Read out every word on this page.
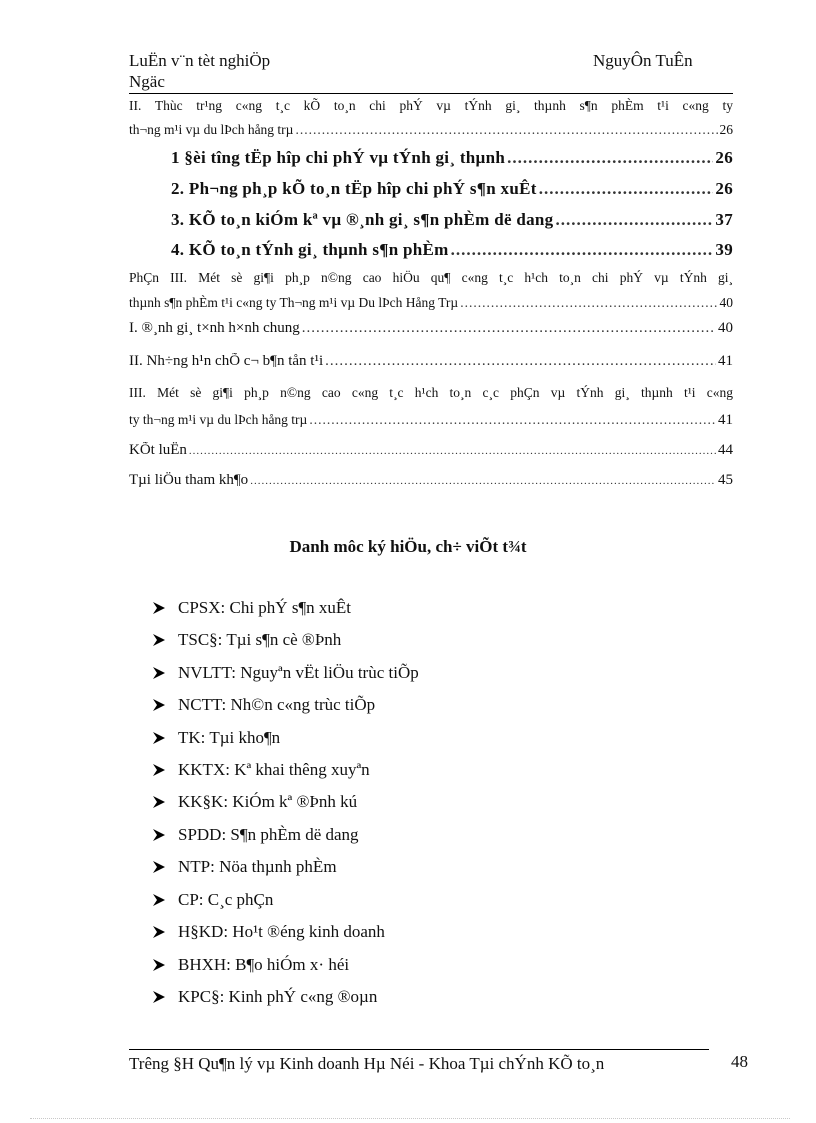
LuËn v¨n tèt nghiÖp
Ngäc
NguyÔn TuÊn
II. Thùc tr¹ng c«ng t¸c kÕ to¸n chi phÝ vµ tÝnh gi¸ thµnh s¶n phÈm t¹i c«ng ty
th¬ng m¹i vµ du lÞch hång trµ .....	26
1 §èi tîng tËp hîp chi phÝ vµ tÝnh gi¸ thµnh .....	26
2. Ph¬ng ph¸p kÕ to¸n tËp hîp chi phÝ s¶n xuÊt .....	26
3. KÕ to¸n kiÓm kª vµ ®¸nh gi¸ s¶n phÈm dë dang .....	37
4. KÕ to¸n tÝnh gi¸ thµnh s¶n phÈm .....	39
PhÇn III. Mét sè gi¶i ph¸p n©ng cao hiÖu qu¶ c«ng t¸c h¹ch to¸n chi phÝ vµ tÝnh gi¸
thµnh s¶n phÈm t¹i c«ng ty Th¬ng m¹i vµ Du lÞch Hång Trµ .....	40
I. ®¸nh gi¸ t×nh h×nh chung .....	40
II. Nh÷ng h¹n chÕ c¬ b¶n tån t¹i .....	41
III. Mét sè gi¶i ph¸p n©ng cao c«ng t¸c h¹ch to¸n c¸c phÇn vµ tÝnh gi¸ thµnh t¹i c«ng
ty th¬ng m¹i vµ du lÞch hång trµ .....	41
KÕt luËn .....	44
Tµi liÖu tham kh¶o .....	45
Danh môc ký hiÖu, ch÷ viÕt t¾t
CPSX: Chi phÝ s¶n xuÊt
TSC§: Tµi s¶n cè ®Þnh
NVLTT: Nguyªn vËt liÖu trùc tiÕp
NCTT: Nh©n c«ng trùc tiÕp
TK: Tµi kho¶n
KKTX: Kª khai thêng xuyªn
KK§K: KiÓm kª ®Þnh kú
SPDD: S¶n phÈm dë dang
NTP: Nöa thµnh phÈm
CP: C¸c phÇn
H§KD: Ho¹t ®éng kinh doanh
BHXH: B¶o hiÓm x· héi
KPC§: Kinh phÝ c«ng ®oµn
Trêng §H Qu¶n lý vµ Kinh doanh Hµ Néi - Khoa Tµi chÝnh KÕ to¸n	48
